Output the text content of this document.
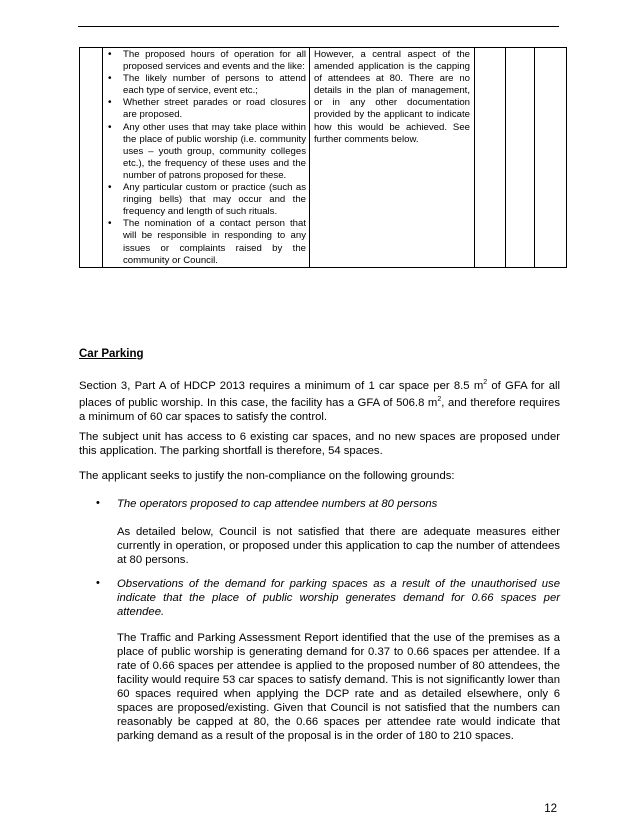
• The proposed hours of operation for all proposed services and events and the like:
• The likely number of persons to attend each type of service, event etc.;
• Whether street parades or road closures are proposed.
• Any other uses that may take place within the place of public worship (i.e. community uses – youth group, community colleges etc.), the frequency of these uses and the number of patrons proposed for these.
• Any particular custom or practice (such as ringing bells) that may occur and the frequency and length of such rituals.
• The nomination of a contact person that will be responsible in responding to any issues or complaints raised by the community or Council.

However, a central aspect of the amended application is the capping of attendees at 80. There are no details in the plan of management, or in any other documentation provided by the applicant to indicate how this would be achieved. See further comments below.

Car Parking
Section 3, Part A of HDCP 2013 requires a minimum of 1 car space per 8.5 $m^2$ of GFA for all places of public worship. In this case, the facility has a GFA of 506.8 $m^2$, and therefore requires a minimum of 60 car spaces to satisfy the control.
The subject unit has access to 6 existing car spaces, and no new spaces are proposed under this application. The parking shortfall is therefore, 54 spaces.
The applicant seeks to justify the non-compliance on the following grounds:
• The operators proposed to cap attendee numbers at 80 persons
As detailed below, Council is not satisfied that there are adequate measures either currently in operation, or proposed under this application to cap the number of attendees at 80 persons.
• Observations of the demand for parking spaces as a result of the unauthorised use indicate that the place of public worship generates demand for 0.66 spaces per attendee.
The Traffic and Parking Assessment Report identified that the use of the premises as a place of public worship is generating demand for 0.37 to 0.66 spaces per attendee. If a rate of 0.66 spaces per attendee is applied to the proposed number of 80 attendees, the facility would require 53 car spaces to satisfy demand. This is not significantly lower than 60 spaces required when applying the DCP rate and as detailed elsewhere, only 6 spaces are proposed/existing. Given that Council is not satisfied that the numbers can reasonably be capped at 80, the 0.66 spaces per attendee rate would indicate that parking demand as a result of the proposal is in the order of 180 to 210 spaces.
12
